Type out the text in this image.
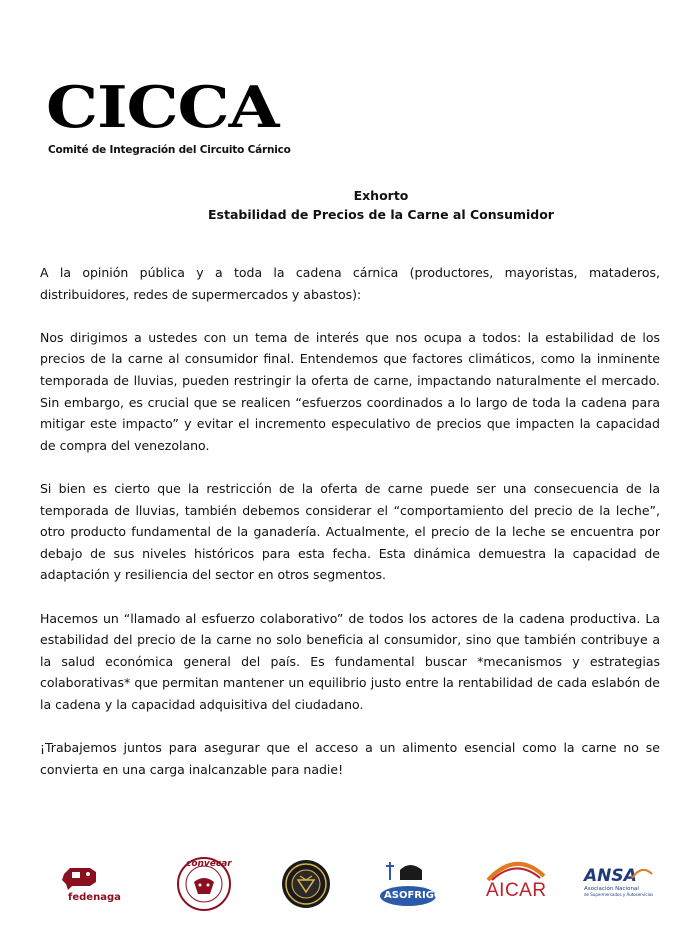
CICCA
Comité de Integración del Circuito Cárnico
Exhorto
Estabilidad de Precios de la Carne al Consumidor

A la opinión pública y a toda la cadena cárnica (productores, mayoristas, mataderos, distribuidores, redes de supermercados y abastos):

Nos dirigimos a ustedes con un tema de interés que nos ocupa a todos: la estabilidad de los precios de la carne al consumidor final. Entendemos que factores climáticos, como la inminente temporada de lluvias, pueden restringir la oferta de carne, impactando naturalmente el mercado. Sin embargo, es crucial que se realicen “esfuerzos coordinados a lo largo de toda la cadena para mitigar este impacto” y evitar el incremento especulativo de precios que impacten la capacidad de compra del venezolano.

Si bien es cierto que la restricción de la oferta de carne puede ser una consecuencia de la temporada de lluvias, también debemos considerar el “comportamiento del precio de la leche”, otro producto fundamental de la ganadería. Actualmente, el precio de la leche se encuentra por debajo de sus niveles históricos para esta fecha. Esta dinámica demuestra la capacidad de adaptación y resiliencia del sector en otros segmentos.

Hacemos un “llamado al esfuerzo colaborativo” de todos los actores de la cadena productiva. La estabilidad del precio de la carne no solo beneficia al consumidor, sino que también contribuye a la salud económica general del país. Es fundamental buscar *mecanismos y estrategias colaborativas* que permitan mantener un equilibrio justo entre la rentabilidad de cada eslabón de la cadena y la capacidad adquisitiva del ciudadano.

¡Trabajemos juntos para asegurar que el acceso a un alimento esencial como la carne no se convierta en una carga inalcanzable para nadie!

fedenaga
convecar
ASOFRIGO AICAR
ANSA
Asociación Nacional
de Supermercados y Autoservicios
